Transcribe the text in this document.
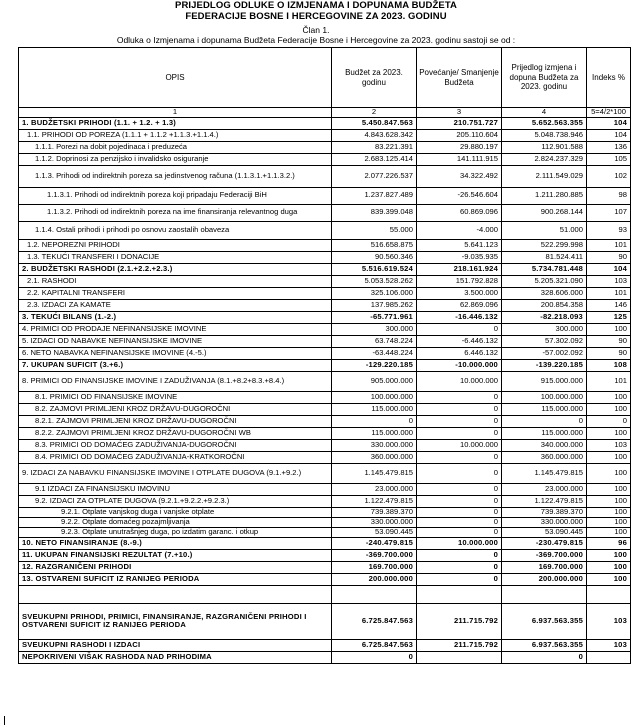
PRIJEDLOG ODLUKE O IZMJENAMA I DOPUNAMA BUDŽETA
FEDERACIJE BOSNE I HERCEGOVINE ZA 2023. GODINU
Član 1.
Odluka o Izmjenama i dopunama Budžeta Federacije Bosne i Hercegovine za 2023. godinu sastoji se od :
OPIS	Budžet za 2023. godinu	Povećanje/ Smanjenje Budžeta	Prijedlog izmjena i dopuna Budžeta za 2023. godinu	Indeks %
1	2	3	4	5=4/2*100
1. BUDŽETSKI PRIHODI (1.1. + 1.2. + 1.3)	5.450.847.563	210.751.727	5.652.563.355	104
1.1. PRIHODI OD POREZA (1.1.1 + 1.1.2 +1.1.3.+1.1.4.)	4.843.628.342	205.110.604	5.048.738.946	104
1.1.1. Porezi na dobit pojedinaca i preduzeća	83.221.391	29.880.197	112.901.588	136
1.1.2. Doprinosi za penzijsko i invalidsko osiguranje	2.683.125.414	141.111.915	2.824.237.329	105
1.1.3. Prihodi od indirektnih poreza sa jedinstvenog računa (1.1.3.1.+1.1.3.2.)	2.077.226.537	34.322.492	2.111.549.029	102
1.1.3.1. Prihodi od indirektnih poreza koji pripadaju Federaciji BiH	1.237.827.489	-26.546.604	1.211.280.885	98
1.1.3.2. Prihodi od indirektnih poreza na ime finansiranja relevantnog duga	839.399.048	60.869.096	900.268.144	107
1.1.4. Ostali prihodi i prihodi po osnovu zaostalih obaveza	55.000	-4.000	51.000	93
1.2. NEPOREZNI PRIHODI	516.658.875	5.641.123	522.299.998	101
1.3. TEKUĆI TRANSFERI I DONACIJE	90.560.346	-9.035.935	81.524.411	90
2. BUDŽETSKI RASHODI (2.1.+2.2.+2.3.)	5.516.619.524	218.161.924	5.734.781.448	104
2.1. RASHODI	5.053.528.262	151.792.828	5.205.321.090	103
2.2. KAPITALNI TRANSFERI	325.106.000	3.500.000	328.606.000	101
2.3. IZDACI ZA KAMATE	137.985.262	62.869.096	200.854.358	146
3. TEKUĆI BILANS (1.-2.)	-65.771.961	-16.446.132	-82.218.093	125
4. PRIMICI OD PRODAJE NEFINANSIJSKE IMOVINE	300.000	0	300.000	100
5. IZDACI OD NABAVKE NEFINANSIJSKE IMOVINE	63.748.224	-6.446.132	57.302.092	90
6. NETO NABAVKA NEFINANSIJSKE IMOVINE (4.-5.)	-63.448.224	6.446.132	-57.002.092	90
7. UKUPAN SUFICIT (3.+6.)	-129.220.185	-10.000.000	-139.220.185	108
8. PRIMICI OD FINANSIJSKE IMOVINE I ZADUŽIVANJA (8.1.+8.2+8.3.+8.4.)	905.000.000	10.000.000	915.000.000	101
8.1. PRIMICI OD FINANSIJSKE IMOVINE	100.000.000	0	100.000.000	100
8.2. ZAJMOVI PRIMLJENI KROZ DRŽAVU-DUGOROČNI	115.000.000	0	115.000.000	100
8.2.1. ZAJMOVI PRIMLJENI KROZ DRŽAVU-DUGOROČNI	0	0	0	0
8.2.2. ZAJMOVI PRIMLJENI KROZ DRŽAVU-DUGOROČNI WB	115.000.000	0	115.000.000	100
8.3. PRIMICI OD DOMAĆEG ZADUŽIVANJA-DUGOROČNI	330.000.000	10.000.000	340.000.000	103
8.4. PRIMICI OD DOMAĆEG ZADUŽIVANJA-KRATKOROČNI	360.000.000	0	360.000.000	100
9. IZDACI ZA NABAVKU FINANSIJSKE IMOVINE I OTPLATE DUGOVA (9.1.+9.2.)	1.145.479.815	0	1.145.479.815	100
9.1 IZDACI ZA FINANSIJSKU IMOVINU	23.000.000	0	23.000.000	100
9.2. IZDACI ZA OTPLATE DUGOVA (9.2.1.+9.2.2.+9.2.3.)	1.122.479.815	0	1.122.479.815	100
9.2.1. Otplate vanjskog duga i vanjske otplate	739.389.370	0	739.389.370	100
9.2.2. Otplate domaćeg pozajmljivanja	330.000.000	0	330.000.000	100
9.2.3. Otplate unutrašnjeg duga, po izdatim garanc. i otkup	53.090.445	0	53.090.445	100
10. NETO FINANSIRANJE (8.-9.)	-240.479.815	10.000.000	-230.479.815	96
11. UKUPAN FINANSIJSKI REZULTAT (7.+10.)	-369.700.000	0	-369.700.000	100
12. RAZGRANIČENI PRIHODI	169.700.000	0	169.700.000	100
13. OSTVARENI SUFICIT IZ RANIJEG PERIODA	200.000.000	0	200.000.000	100

SVEUKUPNI PRIHODI, PRIMICI, FINANSIRANJE, RAZGRANIČENI PRIHODI I OSTVARENI SUFICIT IZ RANIJEG PERIODA	6.725.847.563	211.715.792	6.937.563.355	103
SVEUKUPNI RASHODI I IZDACI	6.725.847.563	211.715.792	6.937.563.355	103
NEPOKRIVENI VIŠAK RASHODA NAD PRIHODIMA	0		0	
